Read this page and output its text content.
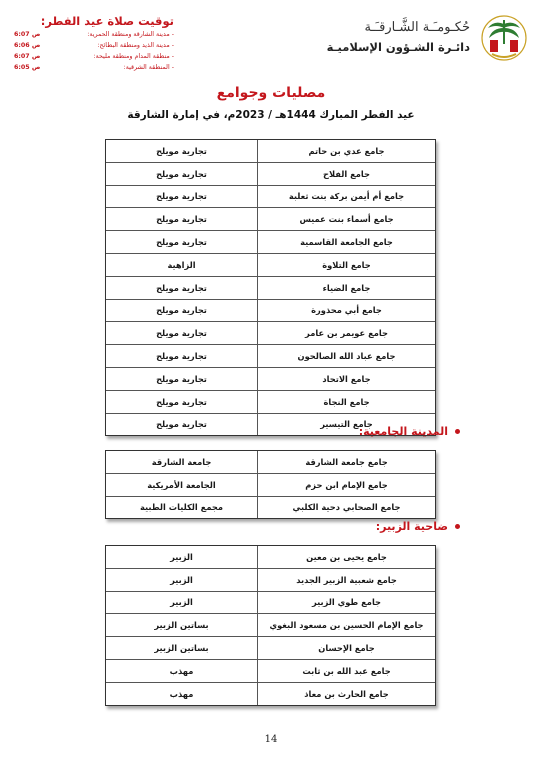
حُكـومـَـة الشَّـارقـَـة
دائـرة الشـؤون الإسلاميـة
توقيت صلاة عيد الفطر:
- مدينة الشارقة ومنطقة الحمرية:
6:07 ص
- مدينة الذيد ومنطقة البطائح:
6:06 ص
- منطقة المدام ومنطقة مليحة:
6:07 ص
- المنطقة الشرقية:
6:05 ص
مصليات وجوامع
عيد الفطر المبارك 1444هـ / 2023م، في إمارة الشارقة
جامع عدي بن حاتم
تجارية مويلح
جامع الفلاح
تجارية مويلح
جامع أم أيمن بركة بنت ثعلبة
تجارية مويلح
جامع أسماء بنت عميس
تجارية مويلح
جامع الجامعة القاسمية
تجارية مويلح
جامع التلاوة
الزاهية
جامع الضياء
تجارية مويلح
جامع أبي محذورة
تجارية مويلح
جامع عويمر بن عامر
تجارية مويلح
جامع عباد الله الصالحون
تجارية مويلح
جامع الاتحاد
تجارية مويلح
جامع النجاة
تجارية مويلح
جامع التيسير
تجارية مويلح
المدينة الجامعية:
جامع جامعة الشارقة
جامعة الشارقة
جامع الإمام ابن حزم
الجامعة الأمريكية
جامع الصحابي دحية الكلبي
مجمع الكليات الطبية
ضاحية الزبير:
جامع يحيى بن معين
الزبير
جامع شعبية الزبير الجديد
الزبير
جامع طوي الزبير
الزبير
جامع الإمام الحسين بن مسعود البغوي
بساتين الزبير
جامع الإحسان
بساتين الزبير
جامع عبد الله بن ثابت
مهذب
جامع الحارث بن معاذ
مهذب
14
